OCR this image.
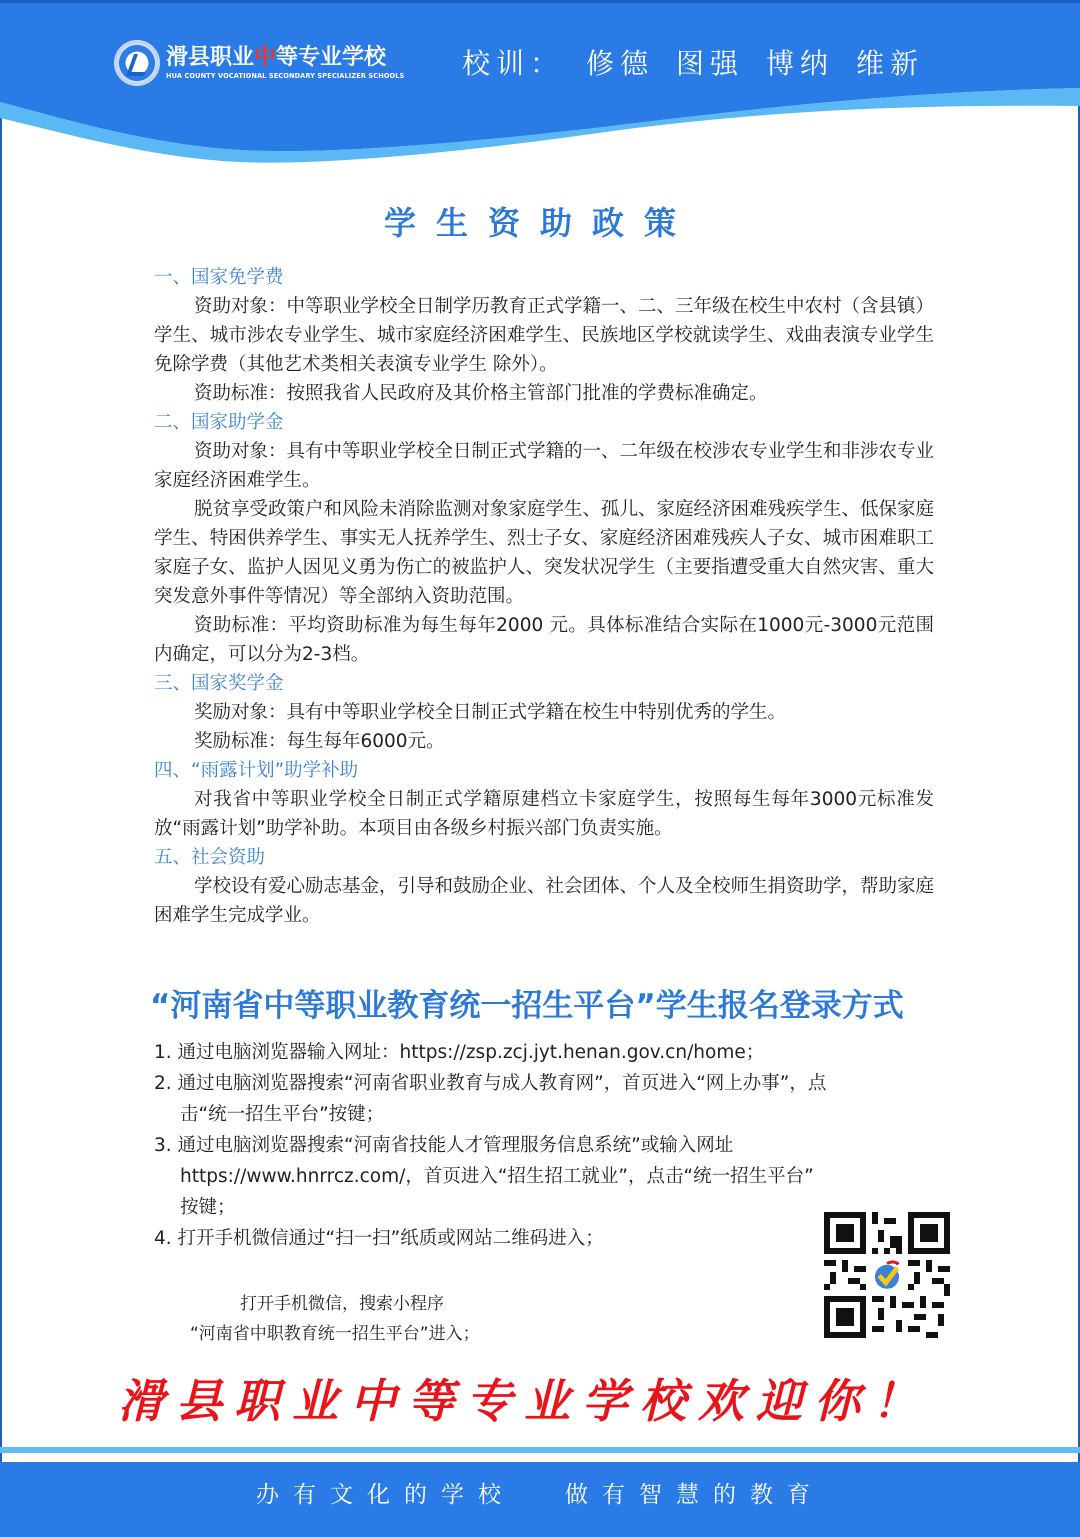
滑县职业中等专业学校
HUA COUNTY VOCATIONAL SECONDARY SPECIALIZER SCHOOLS 校训： 修德 图强 博纳 维新
学生资助政策
一、国家免学费
资助对象：中等职业学校全日制学历教育正式学籍一、二、三年级在校生中农村（含县镇）学生、城市涉农专业学生、城市家庭经济困难学生、民族地区学校就读学生、戏曲表演专业学生免除学费（其他艺术类相关表演专业学生 除外）。
资助标准：按照我省人民政府及其价格主管部门批准的学费标准确定。
二、国家助学金
资助对象：具有中等职业学校全日制正式学籍的一、二年级在校涉农专业学生和非涉农专业家庭经济困难学生。
脱贫享受政策户和风险未消除监测对象家庭学生、孤儿、家庭经济困难残疾学生、低保家庭学生、特困供养学生、事实无人抚养学生、烈士子女、家庭经济困难残疾人子女、城市困难职工家庭子女、监护人因见义勇为伤亡的被监护人、突发状况学生（主要指遭受重大自然灾害、重大突发意外事件等情况）等全部纳入资助范围。
资助标准：平均资助标准为每生每年2000 元。具体标准结合实际在1000元-3000元范围内确定，可以分为2-3档。
三、国家奖学金
奖励对象：具有中等职业学校全日制正式学籍在校生中特别优秀的学生。
奖励标准：每生每年6000元。
四、“雨露计划”助学补助
对我省中等职业学校全日制正式学籍原建档立卡家庭学生，按照每生每年3000元标准发放“雨露计划”助学补助。本项目由各级乡村振兴部门负责实施。
五、社会资助
学校设有爱心励志基金，引导和鼓励企业、社会团体、个人及全校师生捐资助学，帮助家庭困难学生完成学业。
“河南省中等职业教育统一招生平台”学生报名登录方式
1. 通过电脑浏览器输入网址：https://zsp.zcj.jyt.henan.gov.cn/home；
2. 通过电脑浏览器搜索“河南省职业教育与成人教育网”，首页进入“网上办事”，点
击“统一招生平台”按键；
3. 通过电脑浏览器搜索“河南省技能人才管理服务信息系统”或输入网址
https://www.hnrrcz.com/，首页进入“招生招工就业”，点击“统一招生平台”
按键；
4. 打开手机微信通过“扫一扫”纸质或网站二维码进入；
打开手机微信，搜索小程序
“河南省中职教育统一招生平台”进入；
滑县职业中等专业学校欢迎你！
办有文化的学校 做有智慧的教育
